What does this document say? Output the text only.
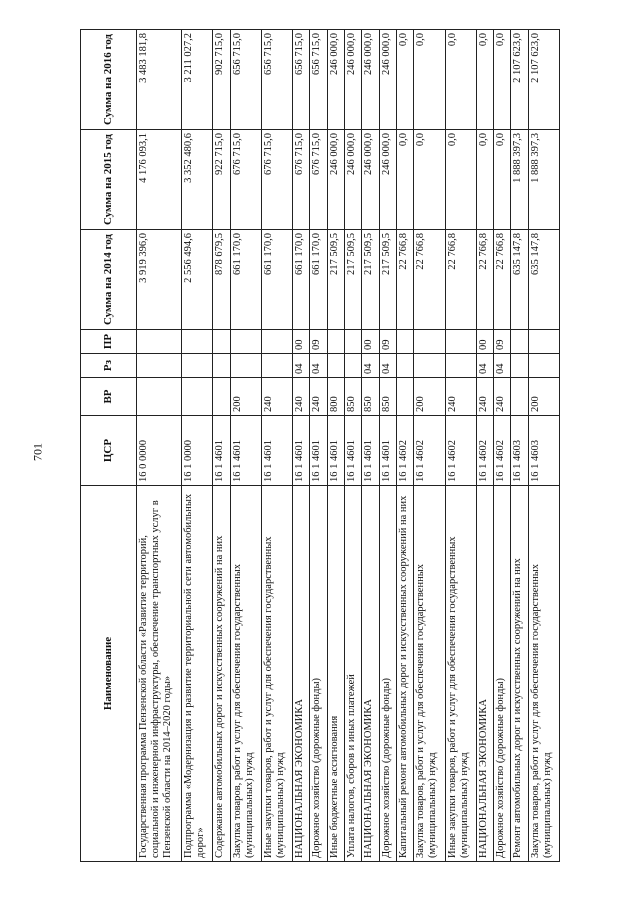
701
Наименование	ЦСР	ВР	Рз	ПР	Сумма на 2014 год	Сумма на 2015 год	Сумма на 2016 год
Государственная программа Пензенской области «Развитие территорий, социальной и инженерной инфраструктуры, обеспечение транспортных услуг в Пензенской области на 2014–2020 годы»	16 0 0000				3 919 396,0	4 176 093,1	3 483 181,8
Подпрограмма «Модернизация и развитие территориальной сети автомобильных дорог»	16 1 0000				2 556 494,6	3 352 480,6	3 211 027,2
Содержание автомобильных дорог и искусственных сооружений на них	16 1 4601				878 679,5	922 715,0	902 715,0
Закупка товаров, работ и услуг для обеспечения государственных (муниципальных) нужд	16 1 4601	200			661 170,0	676 715,0	656 715,0
Иные закупки товаров, работ и услуг для обеспечения государственных (муниципальных) нужд	16 1 4601	240			661 170,0	676 715,0	656 715,0
НАЦИОНАЛЬНАЯ ЭКОНОМИКА	16 1 4601	240	04	00	661 170,0	676 715,0	656 715,0
Дорожное хозяйство (дорожные фонды)	16 1 4601	240	04	09	661 170,0	676 715,0	656 715,0
Иные бюджетные ассигнования	16 1 4601	800			217 509,5	246 000,0	246 000,0
Уплата налогов, сборов и иных платежей	16 1 4601	850			217 509,5	246 000,0	246 000,0
НАЦИОНАЛЬНАЯ ЭКОНОМИКА	16 1 4601	850	04	00	217 509,5	246 000,0	246 000,0
Дорожное хозяйство (дорожные фонды)	16 1 4601	850	04	09	217 509,5	246 000,0	246 000,0
Капитальный ремонт автомобильных дорог и искусственных сооружений на них	16 1 4602				22 766,8	0,0	0,0
Закупка товаров, работ и услуг для обеспечения государственных (муниципальных) нужд	16 1 4602	200			22 766,8	0,0	0,0
Иные закупки товаров, работ и услуг для обеспечения государственных (муниципальных) нужд	16 1 4602	240			22 766,8	0,0	0,0
НАЦИОНАЛЬНАЯ ЭКОНОМИКА	16 1 4602	240	04	00	22 766,8	0,0	0,0
Дорожное хозяйство (дорожные фонды)	16 1 4602	240	04	09	22 766,8	0,0	0,0
Ремонт автомобильных дорог и искусственных сооружений на них	16 1 4603				635 147,8	1 888 397,3	2 107 623,0
Закупка товаров, работ и услуг для обеспечения государственных (муниципальных) нужд	16 1 4603	200			635 147,8	1 888 397,3	2 107 623,0
